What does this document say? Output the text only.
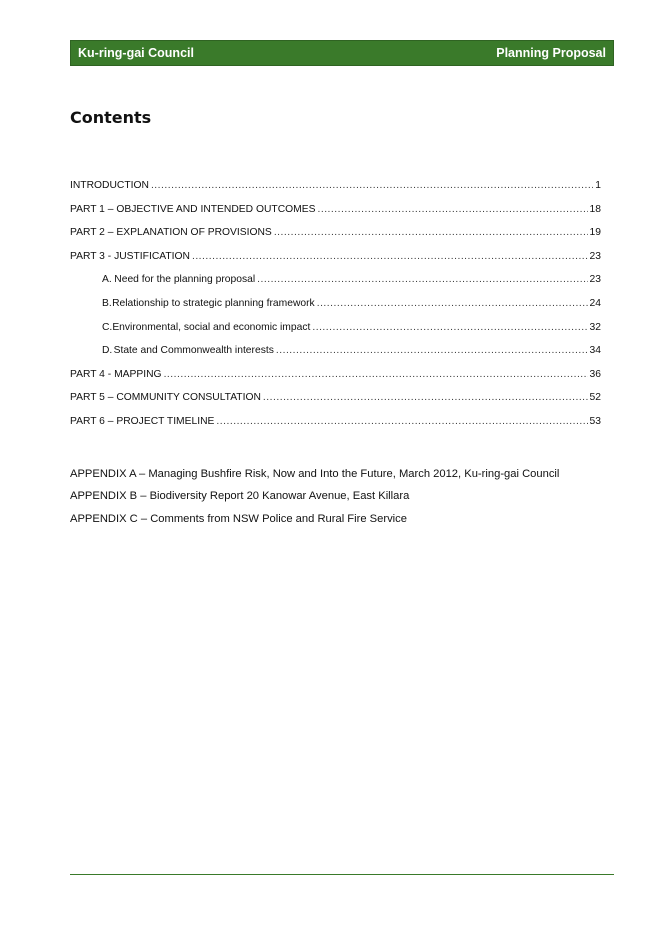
Ku-ring-gai Council	Planning Proposal
Contents
INTRODUCTION .....	1
PART 1 – OBJECTIVE AND INTENDED OUTCOMES .....	18
PART 2 – EXPLANATION OF PROVISIONS .....	19
PART 3 - JUSTIFICATION .....	23
A. Need for the planning proposal .....	23
B. Relationship to strategic planning framework .....	24
C. Environmental, social and economic impact .....	32
D. State and Commonwealth interests .....	34
PART 4 - MAPPING .....	36
PART 5 – COMMUNITY CONSULTATION .....	52
PART 6 – PROJECT TIMELINE .....	53
APPENDIX A – Managing Bushfire Risk, Now and Into the Future, March 2012, Ku-ring-gai Council
APPENDIX B – Biodiversity Report 20 Kanowar Avenue, East Killara
APPENDIX C – Comments from NSW Police and Rural Fire Service
